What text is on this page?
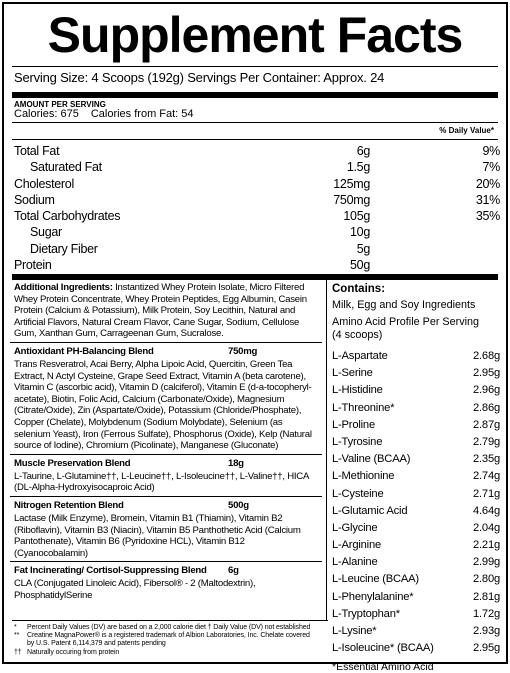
Supplement Facts
Serving Size: 4 Scoops (192g) Servings Per Container: Approx. 24
AMOUNT PER SERVING
Calories: 675 Calories from Fat: 54
% Daily Value*
Total Fat	6g	9%
Saturated Fat	1.5g	7%
Cholesterol	125mg	20%
Sodium	750mg	31%
Total Carbohydrates	105g	35%
Sugar	10g
Dietary Fiber	5g
Protein	50g
Additional Ingredients: Instantized Whey Protein Isolate, Micro Filtered Whey Protein Concentrate, Whey Protein Peptides, Egg Albumin, Casein Protein (Calcium & Potassium), Milk Protein, Soy Lecithin, Natural and Artificial Flavors, Natural Cream Flavor, Cane Sugar, Sodium, Cellulose Gum, Xanthan Gum, Carrageenan Gum, Sucralose.
Antioxidant PH-Balancing Blend	750mg
Trans Resveratrol, Acai Berry, Alpha Lipoic Acid, Quercitin, Green Tea Extract, N Actyl Cysteine, Grape Seed Extract, Vitamin A (beta carotene), Vitamin C (ascorbic acid), Vitamin D (calciferol), Vitamin E (d-a-tocopheryl-acetate), Biotin, Folic Acid, Calcium (Carbonate/Oxide), Magnesium (Citrate/Oxide), Zin (Aspartate/Oxide), Potassium (Chloride/Phosphate), Copper (Chelate), Molybdenum (Sodium Molybdate), Selenium (as selenium Yeast), Iron (Ferrous Sulfate), Phosphorus (Oxide), Kelp (Natural source of Iodine), Chromium (Picolinate), Manganese (Gluconate)
Muscle Preservation Blend	18g
L-Taurine, L-Glutamine††, L-Leucine††, L-Isoleucine††, L-Valine††, HICA (DL-Alpha-Hydroxyisocaproic Acid)
Nitrogen Retention Blend	500g
Lactase (Milk Enzyme), Bromein, Vitamin B1 (Thiamin), Vitamin B2 (Riboflavin), Vitamin B3 (Niacin), Vitamin B5 Panthothetic Acid (Calcium Pantothenate), Vitamin B6 (Pyridoxine HCL), Vitamin B12 (Cyanocobalamin)
Fat Incinerating/ Cortisol-Suppressing Blend 6g
CLA (Conjugated Linoleic Acid), Fibersol® - 2 (Maltodextrin), PhosphatidylSerine
Contains:
Milk, Egg and Soy Ingredients
Amino Acid Profile Per Serving
(4 scoops)
L-Aspartate	2.68g
L-Serine	2.95g
L-Histidine	2.96g
L-Threonine*	2.86g
L-Proline	2.87g
L-Tyrosine	2.79g
L-Valine (BCAA)	2.35g
L-Methionine	2.74g
L-Cysteine	2.71g
L-Glutamic Acid	4.64g
L-Glycine	2.04g
L-Arginine	2.21g
L-Alanine	2.99g
L-Leucine (BCAA)	2.80g
L-Phenylalanine*	2.81g
L-Tryptophan*	1.72g
L-Lysine*	2.93g
L-Isoleucine* (BCAA)	2.95g
*Essential Amino Acid
* Percent Daily Values (DV) are based on a 2,000 calorie diet † Daily Value (DV) not established
** Creatine MagnaPower® is a registered trademark of Albion Laboratories, Inc. Chelate covered by U.S. Patent 6,114,379 and patents pending
†† Naturally occuring from protein
